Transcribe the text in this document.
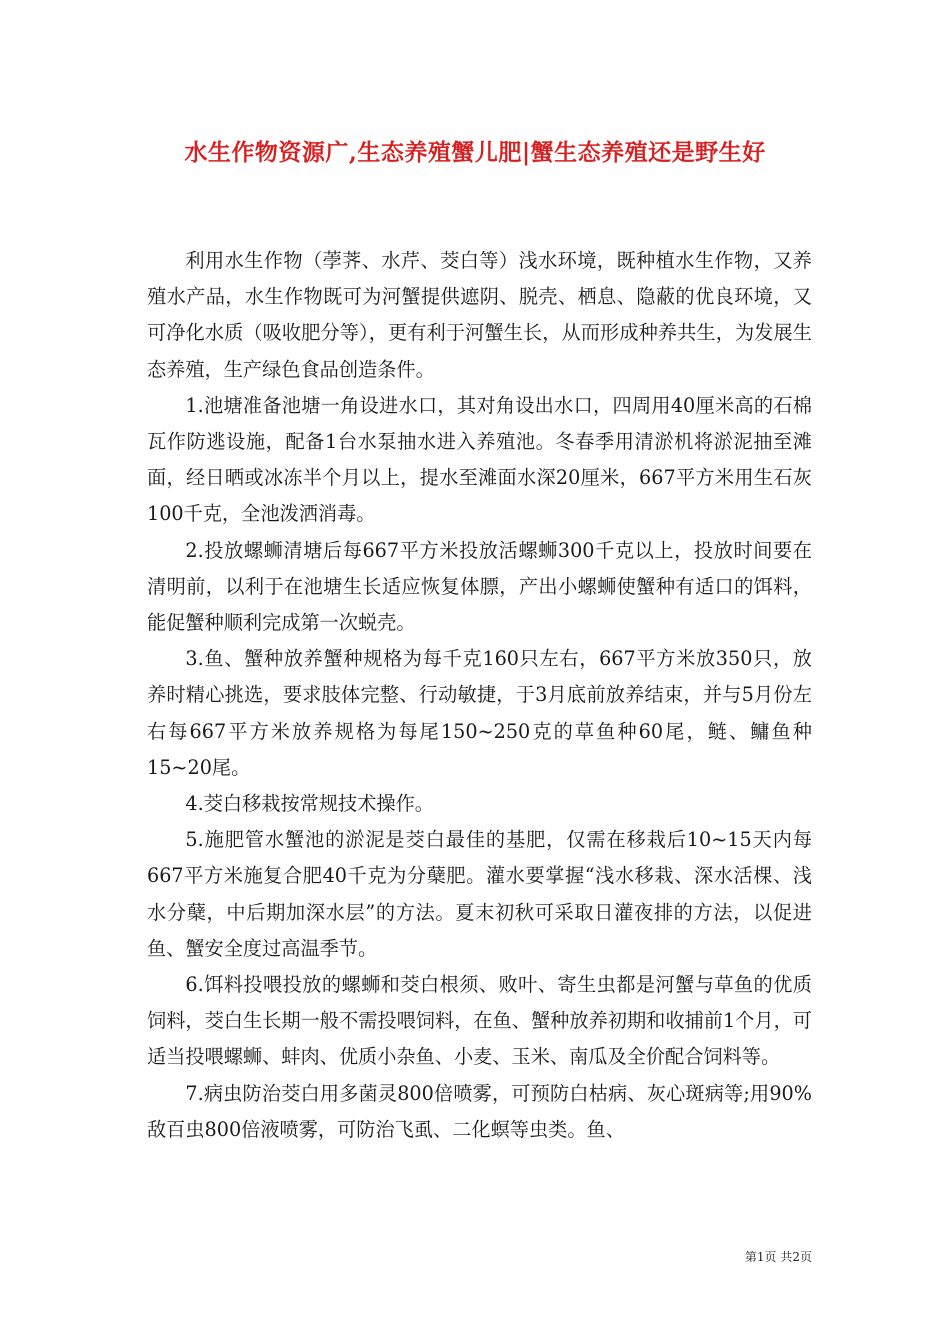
水生作物资源广,生态养殖蟹儿肥|蟹生态养殖还是野生好

利用水生作物（荸荠、水芹、茭白等）浅水环境，既种植水生作物，又养殖水产品，水生作物既可为河蟹提供遮阴、脱壳、栖息、隐蔽的优良环境，又可净化水质（吸收肥分等），更有利于河蟹生长，从而形成种养共生，为发展生态养殖，生产绿色食品创造条件。

1.池塘准备池塘一角设进水口，其对角设出水口，四周用40厘米高的石棉瓦作防逃设施，配备1台水泵抽水进入养殖池。冬春季用清淤机将淤泥抽至滩面，经日晒或冰冻半个月以上，提水至滩面水深20厘米，667平方米用生石灰100千克，全池泼洒消毒。

2.投放螺蛳清塘后每667平方米投放活螺蛳300千克以上，投放时间要在清明前，以利于在池塘生长适应恢复体膘，产出小螺蛳使蟹种有适口的饵料，能促蟹种顺利完成第一次蜕壳。

3.鱼、蟹种放养蟹种规格为每千克160只左右，667平方米放350只，放养时精心挑选，要求肢体完整、行动敏捷，于3月底前放养结束，并与5月份左右每667平方米放养规格为每尾150~250克的草鱼种60尾，鲢、鳙鱼种15~20尾。

4.茭白移栽按常规技术操作。

5.施肥管水蟹池的淤泥是茭白最佳的基肥，仅需在移栽后10~15天内每667平方米施复合肥40千克为分蘖肥。灌水要掌握“浅水移栽、深水活棵、浅水分蘖，中后期加深水层”的方法。夏末初秋可采取日灌夜排的方法，以促进鱼、蟹安全度过高温季节。

6.饵料投喂投放的螺蛳和茭白根须、败叶、寄生虫都是河蟹与草鱼的优质饲料，茭白生长期一般不需投喂饲料，在鱼、蟹种放养初期和收捕前1个月，可适当投喂螺蛳、蚌肉、优质小杂鱼、小麦、玉米、南瓜及全价配合饲料等。

7.病虫防治茭白用多菌灵800倍喷雾，可预防白枯病、灰心斑病等;用90%敌百虫800倍液喷雾，可防治飞虱、二化螟等虫类。鱼、

第1页 共2页
